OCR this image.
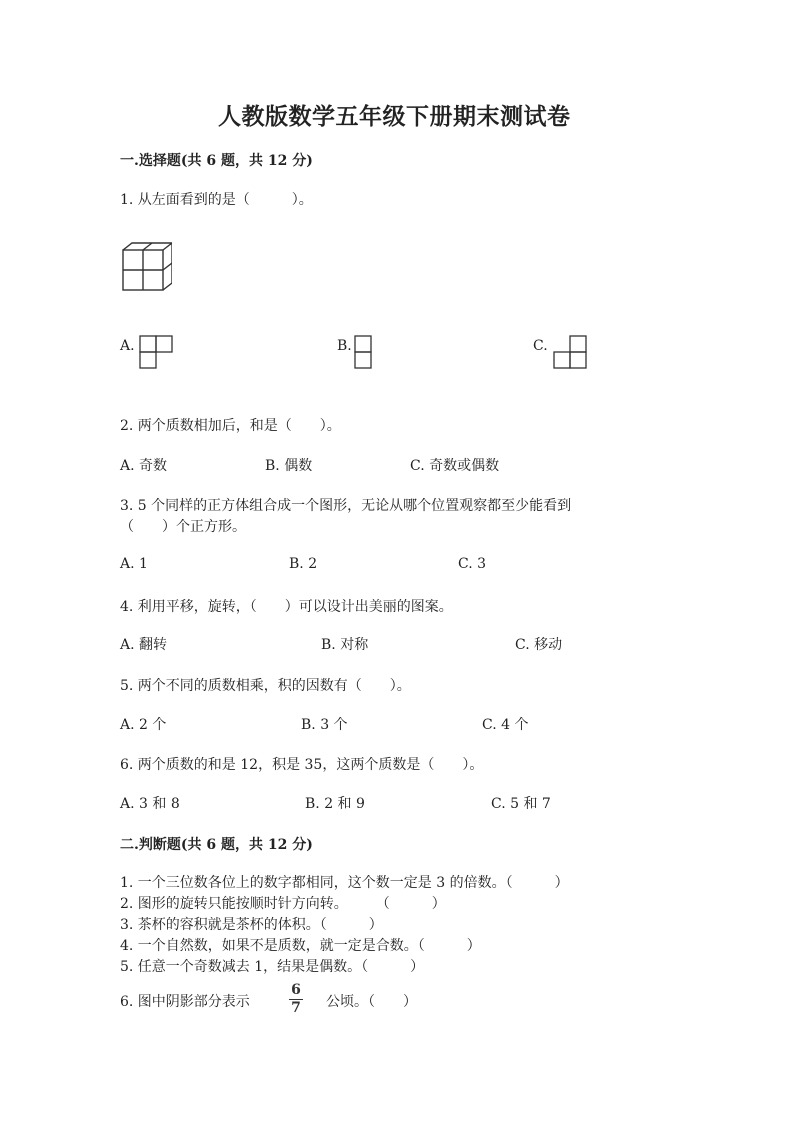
人教版数学五年级下册期末测试卷
一.选择题(共 6 题，共 12 分)
1. 从左面看到的是（　　　）。
A.	B.	C.
2. 两个质数相加后，和是（　　）。
A. 奇数	B. 偶数	C. 奇数或偶数
3. 5 个同样的正方体组合成一个图形，无论从哪个位置观察都至少能看到
（　　）个正方形。
A. 1	B. 2	C. 3
4. 利用平移，旋转，（　　）可以设计出美丽的图案。
A. 翻转	B. 对称	C. 移动
5. 两个不同的质数相乘，积的因数有（　　）。
A. 2 个	B. 3 个	C. 4 个
6. 两个质数的和是 12，积是 35，这两个质数是（　　）。
A. 3 和 8	B. 2 和 9	C. 5 和 7
二.判断题(共 6 题，共 12 分)
1. 一个三位数各位上的数字都相同，这个数一定是 3 的倍数。（　　　）
2. 图形的旋转只能按顺时针方向转。　　　（　　　）
3. 茶杯的容积就是茶杯的体积。（　　　）
4. 一个自然数，如果不是质数，就一定是合数。（　　　）
5. 任意一个奇数减去 1，结果是偶数。（　　　）
6. 图中阴影部分表示
6
7 公顷。（　　）
